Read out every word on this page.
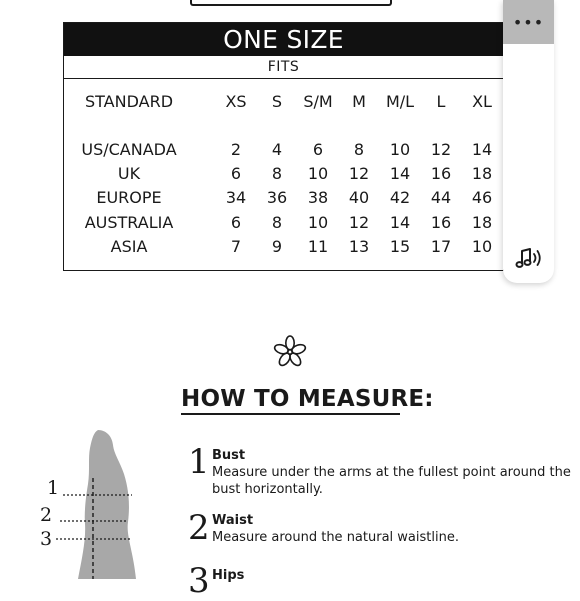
ONE SIZE
FITS
STANDARD	XS S S/M M M/L L XL
US/CANADA	2 4 6 8 10 12 14
UK	6 8 10 12 14 16 18
EUROPE	34 36 38 40 42 44 46
AUSTRALIA	6 8 10 12 14 16 18
ASIA	7 9 11 13 15 17 10
•••
HOW TO MEASURE:
1
2
3
1 Bust
Measure under the arms at the fullest point around the
bust horizontally.
2 Waist
Measure around the natural waistline.
3 Hips
